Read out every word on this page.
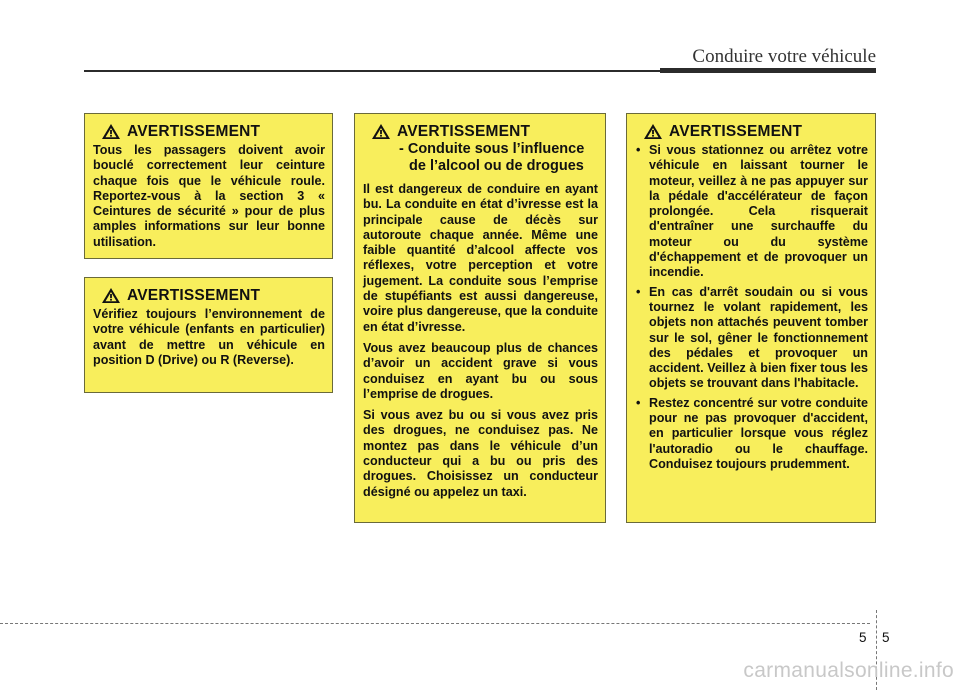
Conduire votre véhicule
AVERTISSEMENT
Tous les passagers doivent avoir bouclé correctement leur ceinture chaque fois que le véhicule roule. Reportez-vous à la section 3 « Ceintures de sécurité » pour de plus amples informations sur leur bonne utilisation.
AVERTISSEMENT
Vérifiez toujours l’environnement de votre véhicule (enfants en particulier) avant de mettre un véhicule en position D (Drive) ou R (Reverse).
AVERTISSEMENT
- Conduite sous l’influence
de l’alcool ou de drogues
Il est dangereux de conduire en ayant bu. La conduite en état d’ivresse est la principale cause de décès sur autoroute chaque année. Même une faible quantité d’alcool affecte vos réflexes, votre perception et votre jugement. La conduite sous l’emprise de stupéfiants est aussi dangereuse, voire plus dangereuse, que la conduite en état d’ivresse.
Vous avez beaucoup plus de chances d’avoir un accident grave si vous conduisez en ayant bu ou sous l’emprise de drogues.
Si vous avez bu ou si vous avez pris des drogues, ne conduisez pas. Ne montez pas dans le véhicule d’un conducteur qui a bu ou pris des drogues. Choisissez un conducteur désigné ou appelez un taxi.
AVERTISSEMENT
• Si vous stationnez ou arrêtez votre véhicule en laissant tourner le moteur, veillez à ne pas appuyer sur la pédale d'accélérateur de façon prolongée. Cela risquerait d'entraîner une surchauffe du moteur ou du système d'échappement et de provoquer un incendie.
• En cas d'arrêt soudain ou si vous tournez le volant rapidement, les objets non attachés peuvent tomber sur le sol, gêner le fonctionnement des pédales et provoquer un accident. Veillez à bien fixer tous les objets se trouvant dans l'habitacle.
• Restez concentré sur votre conduite pour ne pas provoquer d'accident, en particulier lorsque vous réglez l'autoradio ou le chauffage. Conduisez toujours prudemment.
5 5
carmanualsonline.info
